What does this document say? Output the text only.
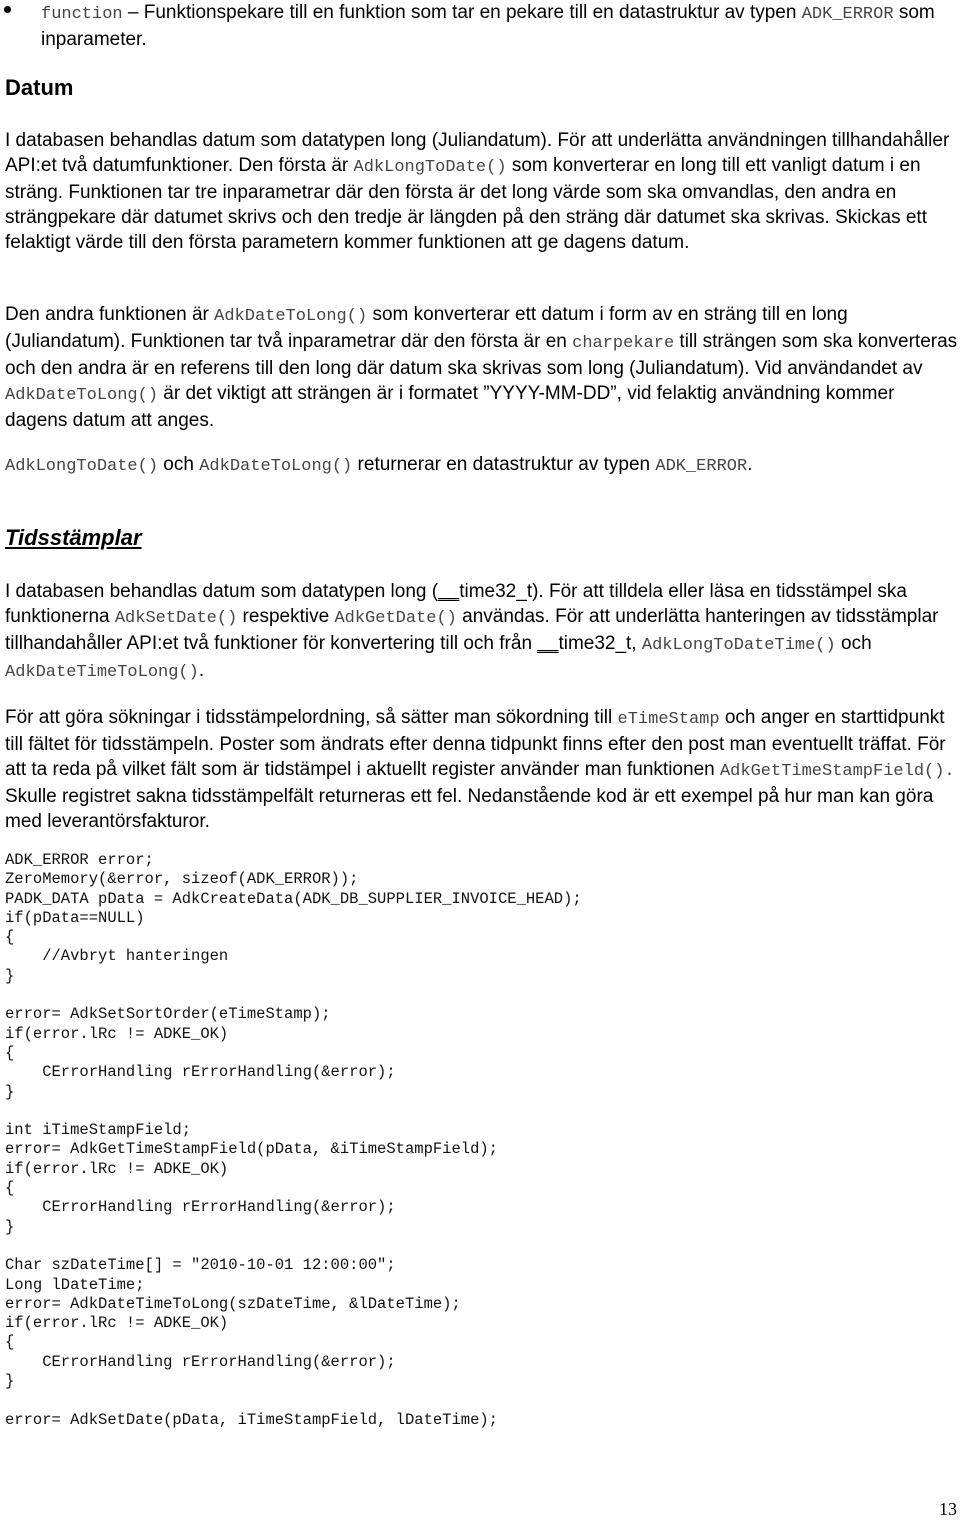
function – Funktionspekare till en funktion som tar en pekare till en datastruktur av typen ADK_ERROR som inparameter.
Datum

I databasen behandlas datum som datatypen long (Juliandatum). För att underlätta användningen tillhandahåller API:et två datumfunktioner. Den första är AdkLongToDate() som konverterar en long till ett vanligt datum i en sträng. Funktionen tar tre inparametrar där den första är det long värde som ska omvandlas, den andra en strängpekare där datumet skrivs och den tredje är längden på den sträng där datumet ska skrivas. Skickas ett felaktigt värde till den första parametern kommer funktionen att ge dagens datum.

Den andra funktionen är AdkDateToLong() som konverterar ett datum i form av en sträng till en long (Juliandatum). Funktionen tar två inparametrar där den första är en charpekare till strängen som ska konverteras och den andra är en referens till den long där datum ska skrivas som long (Juliandatum). Vid användandet av AdkDateToLong() är det viktigt att strängen är i formatet ”YYYY-MM-DD”, vid felaktig användning kommer dagens datum att anges.

AdkLongToDate() och AdkDateToLong() returnerar en datastruktur av typen ADK_ERROR.

Tidsstämplar

I databasen behandlas datum som datatypen long (__time32_t). För att tilldela eller läsa en tidsstämpel ska funktionerna AdkSetDate() respektive AdkGetDate() användas. För att underlätta hanteringen av tidsstämplar tillhandahåller API:et två funktioner för konvertering till och från __time32_t, AdkLongToDateTime() och AdkDateTimeToLong().

För att göra sökningar i tidsstämpelordning, så sätter man sökordning till eTimeStamp och anger en starttidpunkt till fältet för tidsstämpeln. Poster som ändrats efter denna tidpunkt finns efter den post man eventuellt träffat. För att ta reda på vilket fält som är tidstämpel i aktuellt register använder man funktionen AdkGetTimeStampField(). Skulle registret sakna tidsstämpelfält returneras ett fel. Nedanstående kod är ett exempel på hur man kan göra med leverantörsfakturor.

ADK_ERROR error;
ZeroMemory(&error, sizeof(ADK_ERROR));
PADK_DATA pData = AdkCreateData(ADK_DB_SUPPLIER_INVOICE_HEAD);
if(pData==NULL)
{
//Avbryt hanteringen
}
error= AdkSetSortOrder(eTimeStamp);
if(error.lRc != ADKE_OK)
{
CErrorHandling rErrorHandling(&error);
}
int iTimeStampField;
error= AdkGetTimeStampField(pData, &iTimeStampField);
if(error.lRc != ADKE_OK)
{
CErrorHandling rErrorHandling(&error);
}
Char szDateTime[] = "2010-10-01 12:00:00";
Long lDateTime;
error= AdkDateTimeToLong(szDateTime, &lDateTime);
if(error.lRc != ADKE_OK)
{
CErrorHandling rErrorHandling(&error);
}
error= AdkSetDate(pData, iTimeStampField, lDateTime);
13
